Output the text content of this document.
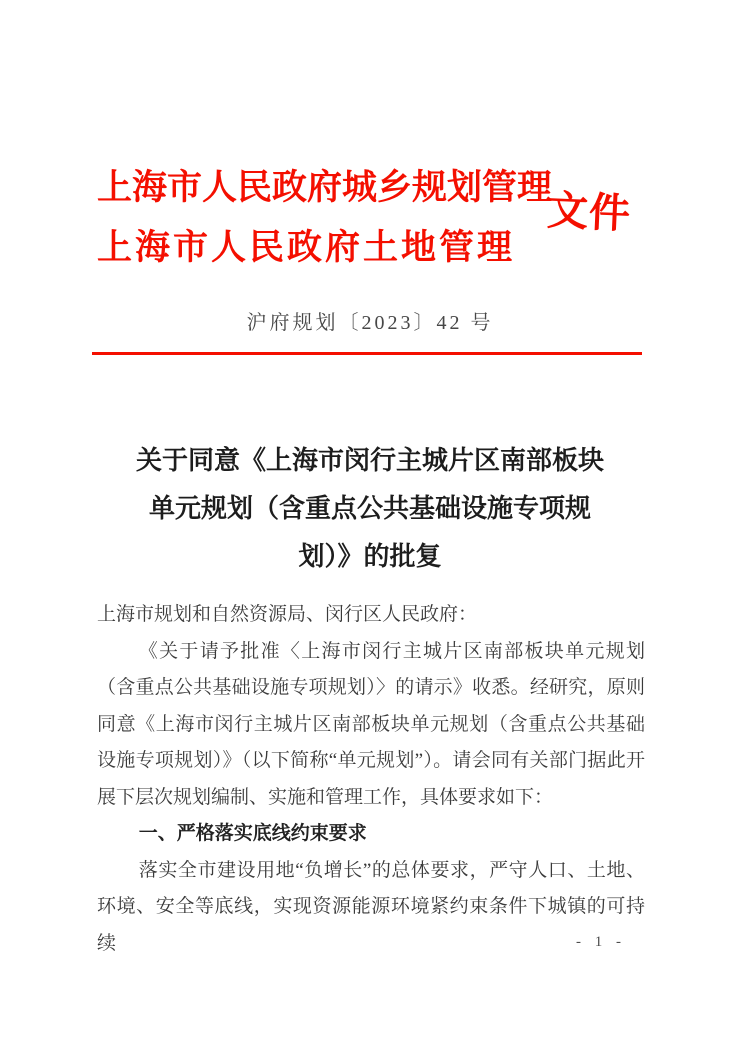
上海市人民政府城乡规划管理
上海市人民政府土地管理
文件
沪府规划〔2023〕42 号
关于同意《上海市闵行主城片区南部板块
单元规划（含重点公共基础设施专项规
划）》的批复

上海市规划和自然资源局、闵行区人民政府：

《关于请予批准〈上海市闵行主城片区南部板块单元规划（含重点公共基础设施专项规划）〉的请示》收悉。经研究，原则同意《上海市闵行主城片区南部板块单元规划（含重点公共基础设施专项规划）》（以下简称“单元规划”）。请会同有关部门据此开展下层次规划编制、实施和管理工作，具体要求如下：

一、严格落实底线约束要求

落实全市建设用地“负增长”的总体要求，严守人口、土地、环境、安全等底线，实现资源能源环境紧约束条件下城镇的可持续	- 1 -
